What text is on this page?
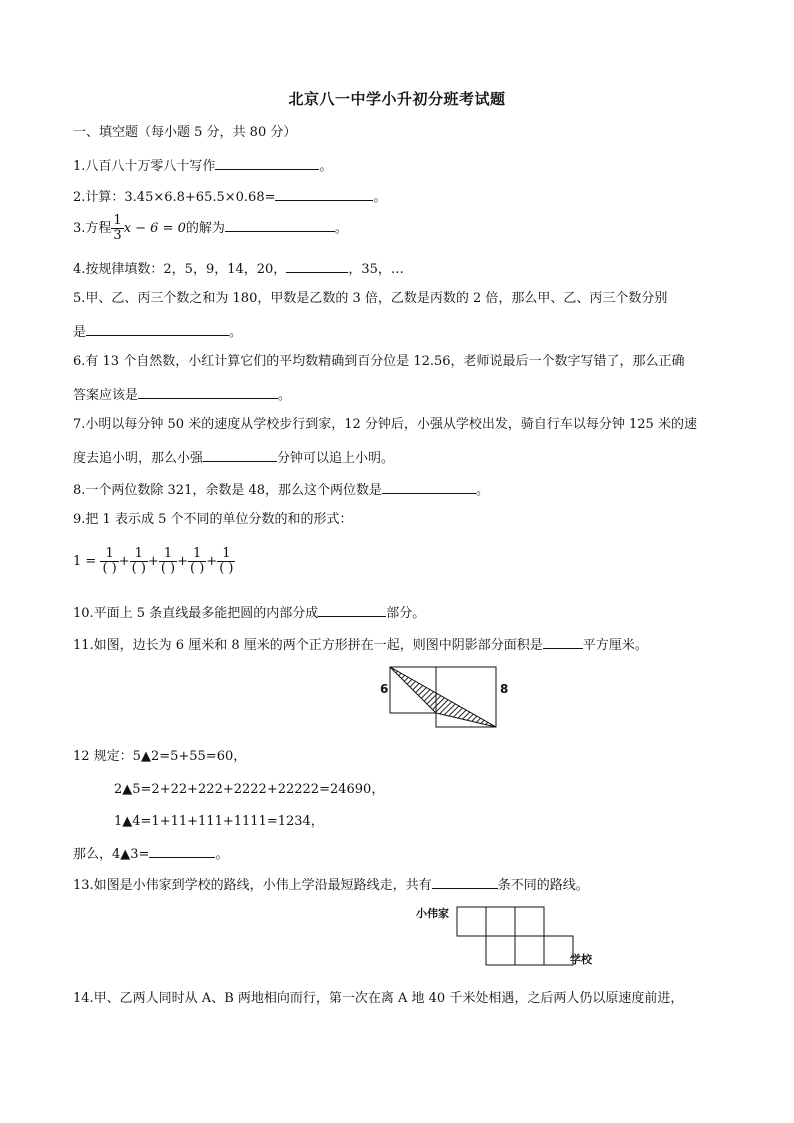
北京八一中学小升初分班考试题
一、填空题（每小题 5 分，共 80 分）
1.八百八十万零八十写作	。
2.计算：3.45×6.8+65.5×0.68=	。
3.方程 $\frac{1}{3}$ x − 6 = 0的解为	。
4.按规律填数：2，5，9，14，20，	，35，…
5.甲、乙、丙三个数之和为 180，甲数是乙数的 3 倍，乙数是丙数的 2 倍，那么甲、乙、丙三个数分别
是	。
6.有 13 个自然数，小红计算它们的平均数精确到百分位是 12.56，老师说最后一个数字写错了，那么正确
答案应该是	。
7.小明以每分钟 50 米的速度从学校步行到家，12 分钟后，小强从学校出发，骑自行车以每分钟 125 米的速
度去追小明，那么小强	分钟可以追上小明。
8.一个两位数除 321，余数是 48，那么这个两位数是	。
9.把 1 表示成 5 个不同的单位分数的和的形式：
$1 = \frac{1}{( )} + \frac{1}{( )} + \frac{1}{( )} + \frac{1}{( )} + \frac{1}{( )}$
10.平面上 5 条直线最多能把圆的内部分成	部分。
11.如图，边长为 6 厘米和 8 厘米的两个正方形拼在一起，则图中阴影部分面积是	平方厘米。
6	8
12 规定：5▲2=5+55=60，
2▲5=2+22+222+2222+22222=24690，
1▲4=1+11+111+1111=1234，
那么，4▲3=	。
13.如图是小伟家到学校的路线，小伟上学沿最短路线走，共有	条不同的路线。
小伟家
学校
14.甲、乙两人同时从 A、B 两地相向而行，第一次在离 A 地 40 千米处相遇，之后两人仍以原速度前进，
